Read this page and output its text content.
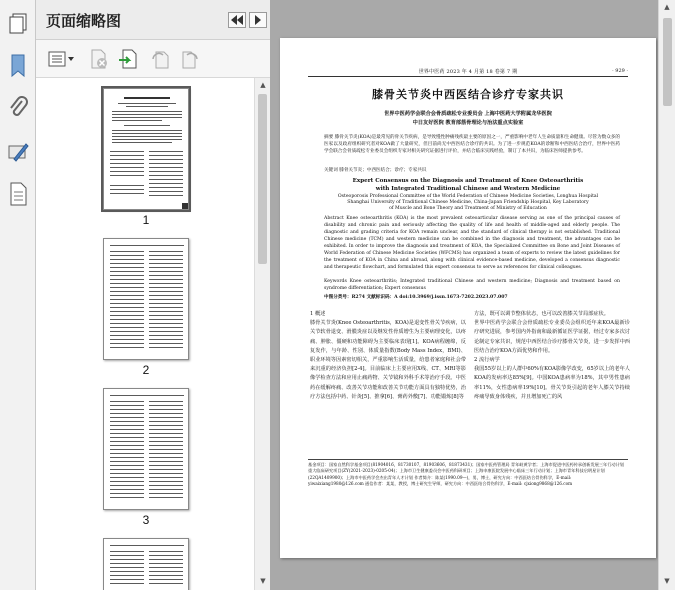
页面缩略图
1
2
3
▲
▼
世界中医药 2023 年 4 月第 18 卷第 7 期	· 929 ·
膝骨关节炎中西医结合诊疗专家共识
世界中医药学会联合会骨质疏松专业委员会 上海中医药大学附属龙华医院
中日友好医院 教育部筋骨理论与治法重点实验室
摘要 膝骨关节炎(KOA)是最常见的骨关节疾病，是导致慢性肿痛残疾最主要的原因之一，严重影响中老年人生命质量和生命健康。尽管为数众多的医家以及政府组织研究者对KOA做了大量研究，但目前尚无中西医结合诊疗的共识。为了进一步规范KOA的诊断和中西医结合治疗，世界中医药学会联合会骨质疏松专业委员会组织专家对相关研究证据进行评价，并结合临床实践经验，制订了本共识，为临床医师提供参考。
关键词 膝骨关节炎；中西医结合；诊疗；专家共识
Expert Consensus on the Diagnosis and Treatment of Knee Osteoarthritis
with Integrated Traditional Chinese and Western Medicine
Osteoporosis Professional Committee of the World Federation of Chinese Medicine Societies, Longhua Hospital
Shanghai University of Traditional Chinese Medicine, China-Japan Friendship Hospital, Key Laboratory
of Muscle and Bone Theory and Treatment of Ministry of Education
Abstract Knee osteoarthritis (KOA) is the most prevalent osteoarticular disease serving as one of the principal causes of disability and chronic pain and seriously affecting the quality of life and health of middle-aged and elderly people. The diagnostic and grading criteria for KOA remain unclear, and the standard of clinical therapy is not established. Traditional Chinese medicine (TCM) and western medicine can be combined in the diagnosis and treatment, the advantages can be exhibited. In order to improve the diagnosis and treatment of KOA, the Specialized Committee on Bone and Joint Diseases of World Federation of Chinese Medicine Societies (WFCMS) has organized a team of experts to review the latest guidelines for the treatment of KOA in China and abroad, along with clinical evidence-based medicine, developed a consensus diagnostic and therapeutic flowchart, and formulated this expert consensus to serve as references for clinical colleagues.
Keywords Knee osteoarthritis; Integrated traditional Chinese and western medicine; Diagnosis and treatment based on syndrome differentiation; Expert consensus
中图分类号：R274 文献标识码：A doi:10.3969/j.issn.1673-7202.2023.07.007
1 概述
膝骨关节炎(Knee Osteoarthritis，KOA)是退变性骨关节疾病，以关节软骨退变、滑膜炎症以及继发性骨质增生为主要病理变化，以疼痛、肿胀、僵硬和功能障碍为主要临床表现[1]。KOA病程缠绵，反复发作，与年龄、性别、体质量指数(Body Mass Index，BMI)、职业环境等因素密切相关，严重影响生活质量，给患者家庭和社会带来沉重的经济负担[2-4]。目前临床上主要应用X线、CT、MRI等影像学检查方法和应用止痛药物、关节镜和外科手术等治疗手段。中医药在缓解疼痛、改善关节功能和改善关节功能方面具有独特优势，治疗方法包括中药、针灸[5]、推拿[6]、膏药外敷[7]、功能锻炼[8]等
方法，既可以调节整体状态，也可以改善膝关节局部症状。
世界中医药学会联合会骨质疏松专业委员会组织近年来KOA最新诊疗研究进展，参考国内外指南和最新循证医学证据，经过专家多次讨论制定专家共识，规范中西医结合诊疗膝骨关节炎，进一步发挥中西医结合治疗KOA方面优势和作用。
2 流行病学
我国55岁以上的人群中60%有KOA影像学改变，65岁以上的老年人KOA的发病率达85%[9]。中国KOA患病率为18%，其中男性患病率11%，女性患病率19%[10]。骨关节炎引起的老年人膝关节持续疼痛导致身体残疾，并且增加死亡的风
基金项目：国家自然科学基金项目(81904016，81730107，81903606，81873431)；国家中医药管理局 青年岐黄学者；上海市促进中医药传承创新发展三年行动计划重大临床研究项目(ZY(2021-2023)-0205-04)；上海市卫生健康委员会中医药科研项目；上海申康医院发展中心临床三年行动计划；上海市青年科技启明星计划(22QA1409900)；上海市中医药学会杰出青年人才计划 作者简介：陈某(1990.09—)，男，博士，研究方向：中西医结合骨伤科学，E-mail: yiwaixiang1980@126.com 通信作者：某某，教授，博士研究生导师，研究方向：中西医结合骨伤科学，E-mail: cjxiong9868@126.com
▲
▼
